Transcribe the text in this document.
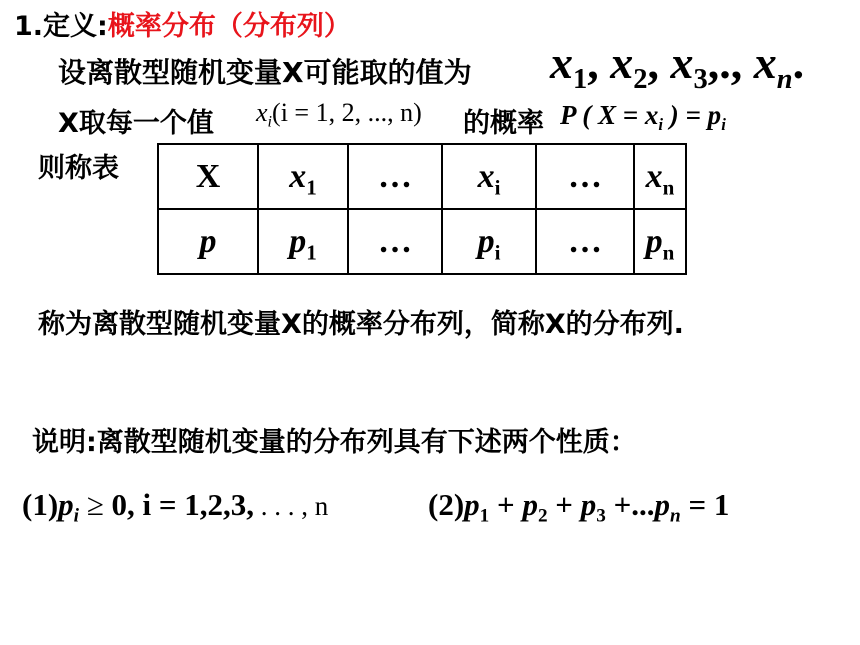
1.定义:概率分布（分布列）
设离散型随机变量X可能取的值为 $x_1$, $x_2$, $x_3$,., $x_n$.
X取每一个值 $x_i(i = 1$, 2, ..., n) 的概率 P ( $X = x_i$ ) = $p_i$
则称表 X	$x_1$	…	$x_i$	…	$x_n$
p	$p_1$	…	$p_i$	…	$p_n$
称为离散型随机变量X的概率分布列，简称X的分布列.
说明:离散型随机变量的分布列具有下述两个性质：
$(1)p_i \ge 0$, i = 1,2,3, . . . , n	$(2)p_1 + p_2 + p_3 +...p_n = 1$
